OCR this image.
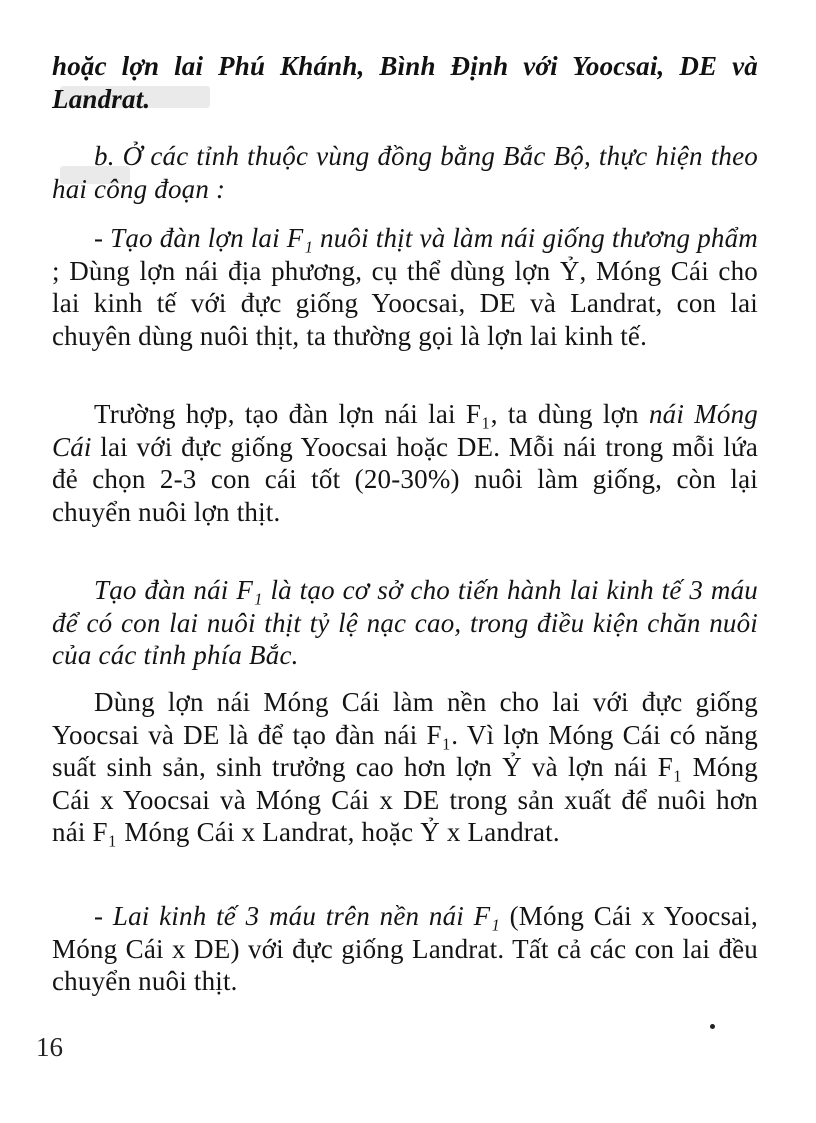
hoặc lợn lai Phú Khánh, Bình Định với Yoocsai, DE và Landrat.

b. Ở các tỉnh thuộc vùng đồng bằng Bắc Bộ, thực hiện theo hai công đoạn :

- Tạo đàn lợn lai F₁ nuôi thịt và làm nái giống thương phẩm ; Dùng lợn nái địa phương, cụ thể dùng lợn Ỷ, Móng Cái cho lai kinh tế với đực giống Yoocsai, DE và Landrat, con lai chuyên dùng nuôi thịt, ta thường gọi là lợn lai kinh tế.

Trường hợp, tạo đàn lợn nái lai F₁, ta dùng lợn nái Móng Cái lai với đực giống Yoocsai hoặc DE. Mỗi nái trong mỗi lứa đẻ chọn 2-3 con cái tốt (20-30%) nuôi làm giống, còn lại chuyển nuôi lợn thịt.

Tạo đàn nái F₁ là tạo cơ sở cho tiến hành lai kinh tế 3 máu để có con lai nuôi thịt tỷ lệ nạc cao, trong điều kiện chăn nuôi của các tỉnh phía Bắc.

Dùng lợn nái Móng Cái làm nền cho lai với đực giống Yoocsai và DE là để tạo đàn nái F₁. Vì lợn Móng Cái có năng suất sinh sản, sinh trưởng cao hơn lợn Ỷ và lợn nái F₁ Móng Cái x Yoocsai và Móng Cái x DE trong sản xuất để nuôi hơn nái F₁ Móng Cái x Landrat, hoặc Ỷ x Landrat.

- Lai kinh tế 3 máu trên nền nái F₁ (Móng Cái x Yoocsai, Móng Cái x DE) với đực giống Landrat. Tất cả các con lai đều chuyển nuôi thịt.

16
